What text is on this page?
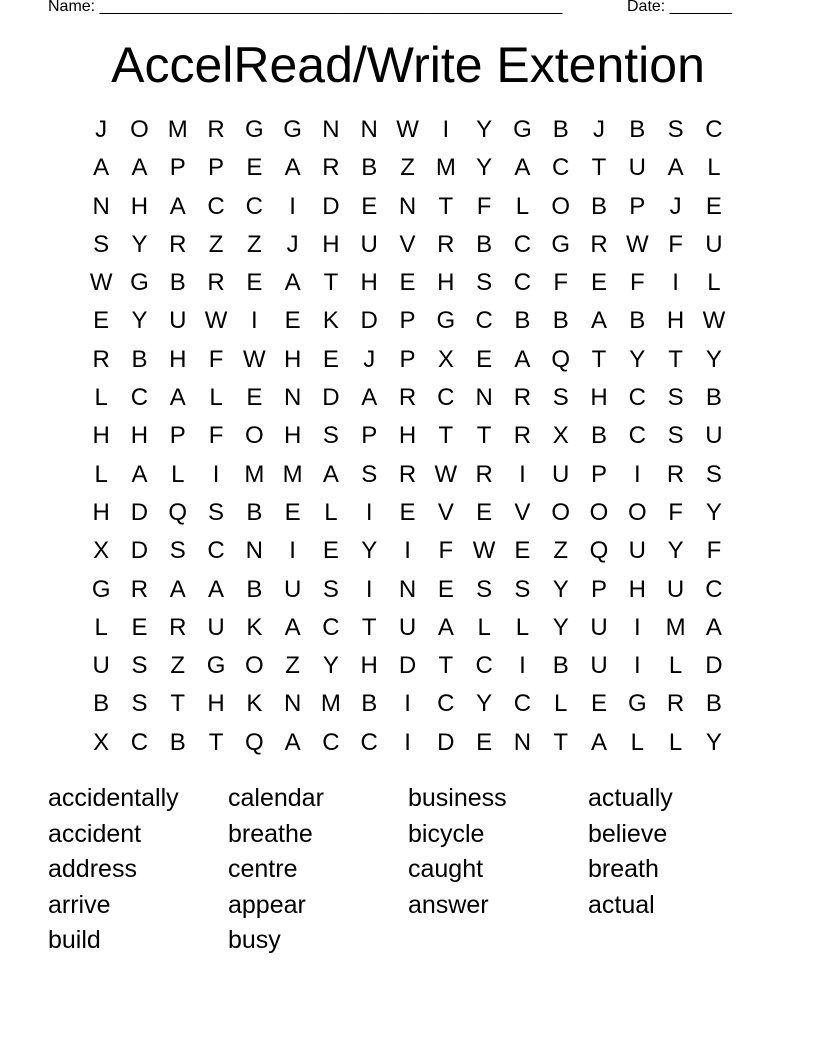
Name: ____________________________________________________	Date: _______
AccelRead/Write Extention
J O M R G G N N W I	Y G B	J	B S C
A A P P E A R B Z M Y A C T U A L
N H A C C	I	D E N T F	L O B P	J	E
S Y R Z Z	J H U V R B C G R W F U
W G B R E A T H E H S C F E F	I	L
E Y U W I	E K D P G C B B A B H W
R B H F W H E	J	P X E A Q T Y T Y
L C A L E N D A R C N R S H C S B
H H P F O H S P H T T R X B C S U
L A L	I	M M A S R W R	I	U P	I	R S
H D Q S B E L	I	E V E V O O O F Y
X D S C N	I	E Y	I	F W E Z Q U Y F
G R A A B U S	I	N E S S Y P H U C
L E R U K A C T U A L	L Y U	I	M A
U S Z G O Z Y H D T C	I	B U	I	L D
B S T H K N M B	I	C Y C L E G R B
X C B T Q A C C	I	D E N T A L	L Y
accidentally	calendar	business	actually
accident	breathe	bicycle	believe
address	centre	caught	breath
arrive	appear	answer	actual
build	busy
